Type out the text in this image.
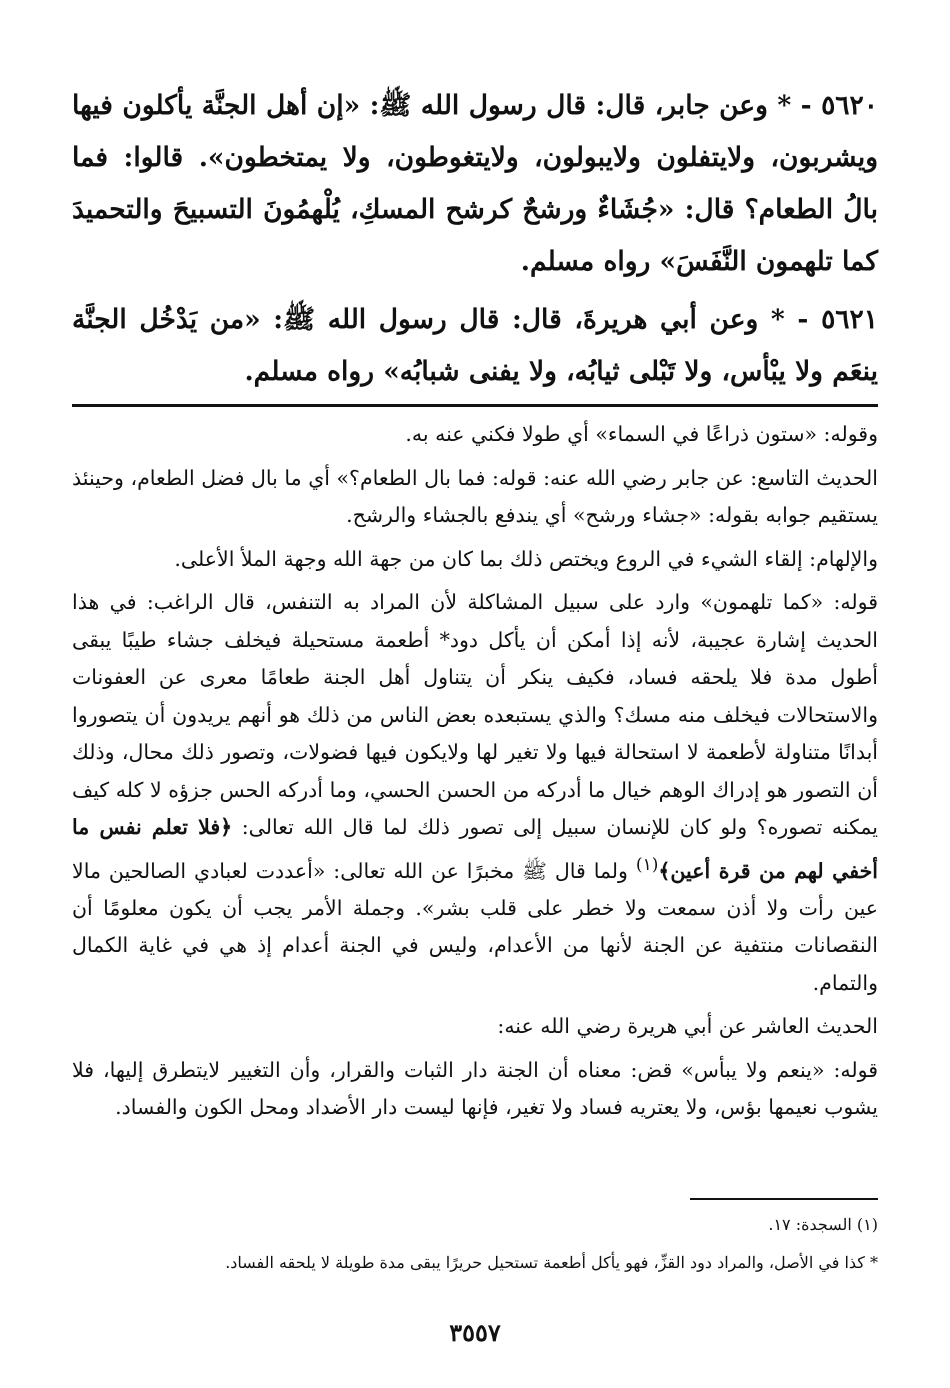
٥٦٢٠ - * وعن جابر، قال: قال رسول الله ﷺ: «إن أهل الجنَّة يأكلون فيها ويشربون، ولايتفلون ولايبولون، ولايتغوطون، ولا يمتخطون». قالوا: فما بالُ الطعام؟ قال: «جُشَاءٌ ورشحٌ كرشح المسكِ، يُلْهمُونَ التسبيحَ والتحميدَ كما تلهمون النَّفَسَ» رواه مسلم.

٥٦٢١ - * وعن أبي هريرةَ، قال: قال رسول الله ﷺ: «من يَدْخُل الجنَّة ينعَم ولا يبْأس، ولا تَبْلى ثيابُه، ولا يفنى شبابُه» رواه مسلم.

وقوله: «ستون ذراعًا في السماء» أي طولا فكني عنه به.

الحديث التاسع: عن جابر رضي الله عنه: قوله: فما بال الطعام؟» أي ما بال فضل الطعام، وحينئذ يستقيم جوابه بقوله: «جشاء ورشح» أي يندفع بالجشاء والرشح.

والإلهام: إلقاء الشيء في الروع ويختص ذلك بما كان من جهة الله وجهة الملأ الأعلى.

قوله: «كما تلهمون» وارد على سبيل المشاكلة لأن المراد به التنفس، قال الراغب: في هذا الحديث إشارة عجيبة، لأنه إذا أمكن أن يأكل دود* أطعمة مستحيلة فيخلف جشاء طيبًا يبقى أطول مدة فلا يلحقه فساد، فكيف ينكر أن يتناول أهل الجنة طعامًا معرى عن العفونات والاستحالات فيخلف منه مسك؟ والذي يستبعده بعض الناس من ذلك هو أنهم يريدون أن يتصوروا أبدانًا متناولة لأطعمة لا استحالة فيها ولا تغير لها ولايكون فيها فضولات، وتصور ذلك محال، وذلك أن التصور هو إدراك الوهم خيال ما أدركه من الحسن الحسي، وما أدركه الحس جزؤه لا كله كيف يمكنه تصوره؟ ولو كان للإنسان سبيل إلى تصور ذلك لما قال الله تعالى: ﴿فلا تعلم نفس ما أخفي لهم من قرة أعين﴾$^{(١)}$ ولما قال ﷺ مخبرًا عن الله تعالى: «أعددت لعبادي الصالحين مالا عين رأت ولا أذن سمعت ولا خطر على قلب بشر». وجملة الأمر يجب أن يكون معلومًا أن النقصانات منتفية عن الجنة لأنها من الأعدام، وليس في الجنة أعدام إذ هي في غاية الكمال والتمام.

الحديث العاشر عن أبي هريرة رضي الله عنه:

قوله: «ينعم ولا يبأس» قض: معناه أن الجنة دار الثبات والقرار، وأن التغيير لايتطرق إليها، فلا يشوب نعيمها بؤس، ولا يعتريه فساد ولا تغير، فإنها ليست دار الأضداد ومحل الكون والفساد.

(١) السجدة: ١٧.

* كذا في الأصل، والمراد دود القزِّ، فهو يأكل أطعمة تستحيل حريرًا يبقى مدة طويلة لا يلحقه الفساد.

٣٥٥٧
